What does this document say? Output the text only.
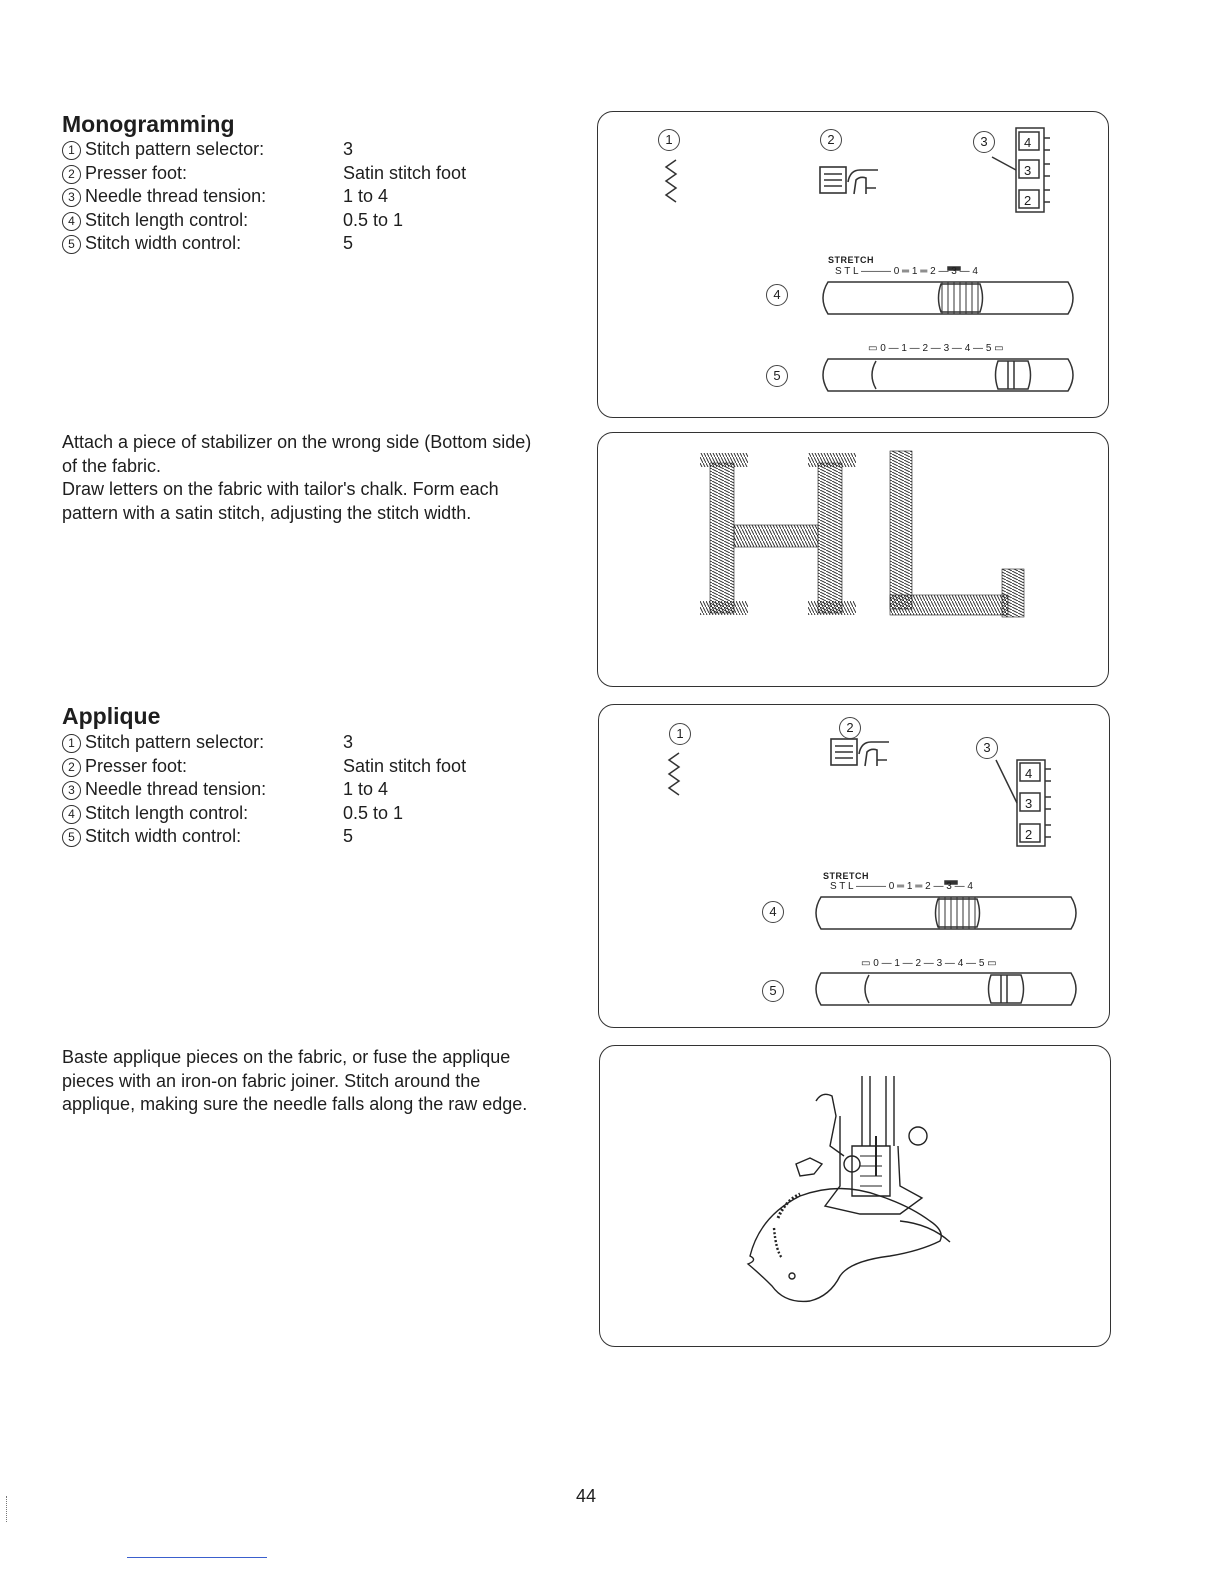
Monogramming
1 Stitch pattern selector:	3
2 Presser foot:	Satin stitch foot
3 Needle thread tension:	1 to 4
4 Stitch length control:	0.5 to 1
5 Stitch width control:	5
Attach a piece of stabilizer on the wrong side (Bottom side)
of the fabric.
Draw letters on the fabric with tailor's chalk. Form each
pattern with a satin stitch, adjusting the stitch width.
1	2	3
4
5
4
3
2
STRETCH
S T L ——— 0 ═ 1 ═ 2 — 3 — 4
▭ 0 — 1 — 2 — 3 — 4 — 5 ▭
Applique
1 Stitch pattern selector:	3
2 Presser foot:	Satin stitch foot
3 Needle thread tension:	1 to 4
4 Stitch length control:	0.5 to 1
5 Stitch width control:	5
Baste applique pieces on the fabric, or fuse the applique
pieces with an iron-on fabric joiner. Stitch around the
applique, making sure the needle falls along the raw edge.
1	2
3
4
5
4
3
2
STRETCH
S T L ——— 0 ═ 1 ═ 2 — 3 — 4
▭ 0 — 1 — 2 — 3 — 4 — 5 ▭
44
